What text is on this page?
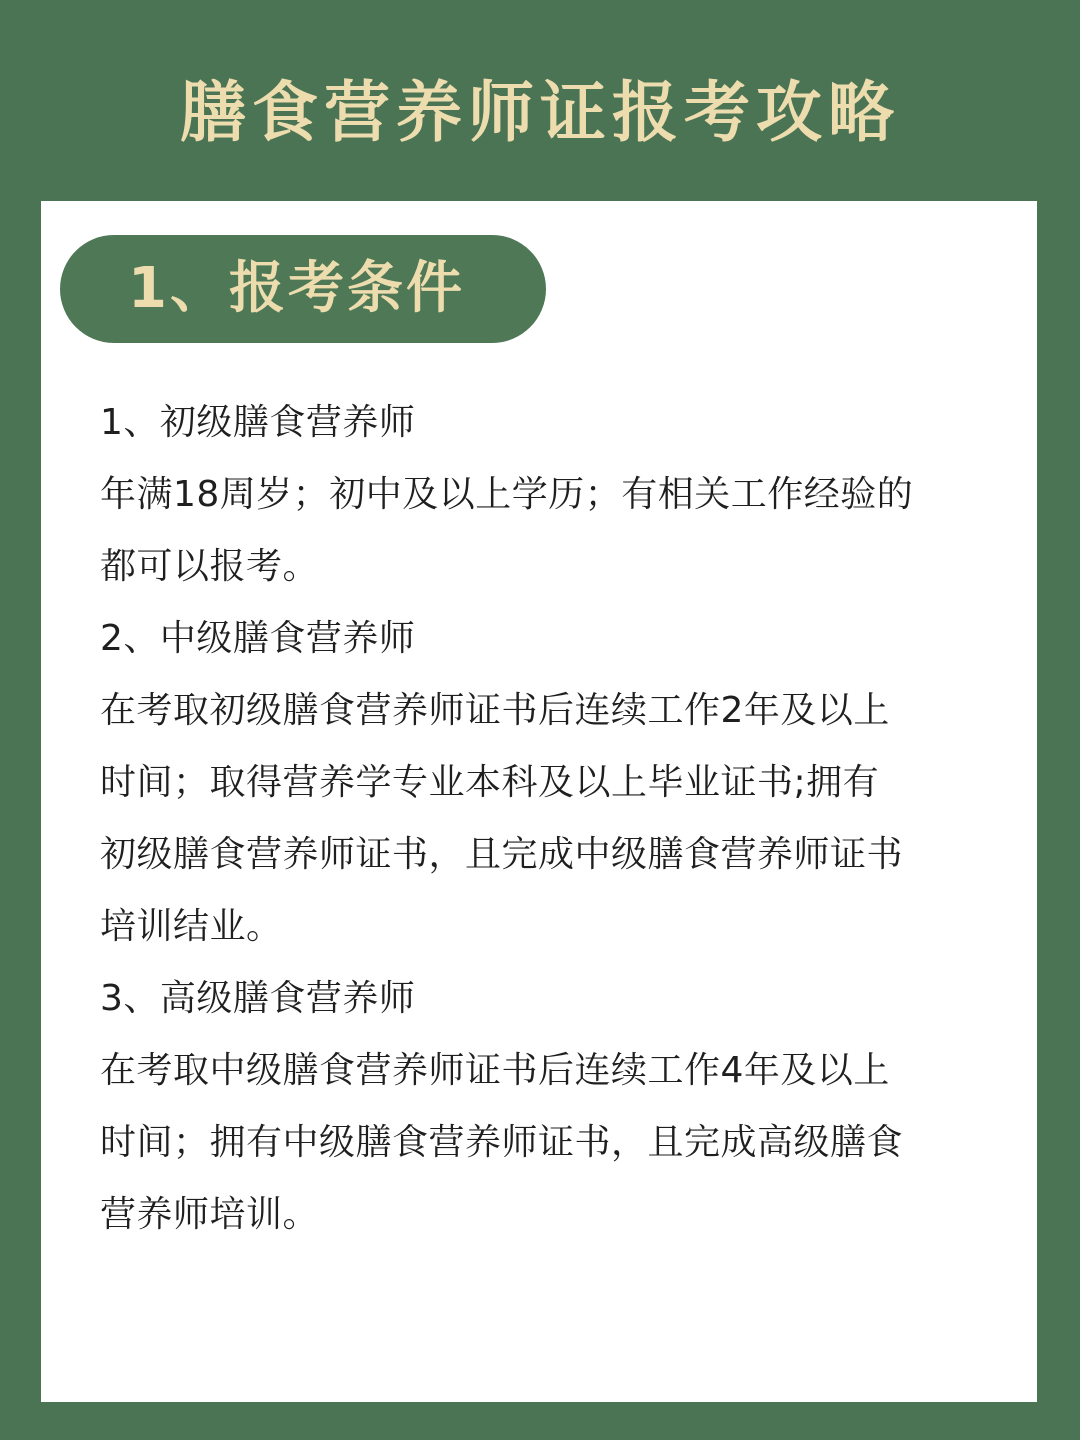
膳食营养师证报考攻略
1、报考条件
1、初级膳食营养师
年满18周岁；初中及以上学历；有相关工作经验的
都可以报考。
2、中级膳食营养师
在考取初级膳食营养师证书后连续工作2年及以上
时间；取得营养学专业本科及以上毕业证书;拥有
初级膳食营养师证书，且完成中级膳食营养师证书
培训结业。
3、高级膳食营养师
在考取中级膳食营养师证书后连续工作4年及以上
时间；拥有中级膳食营养师证书，且完成高级膳食
营养师培训。
